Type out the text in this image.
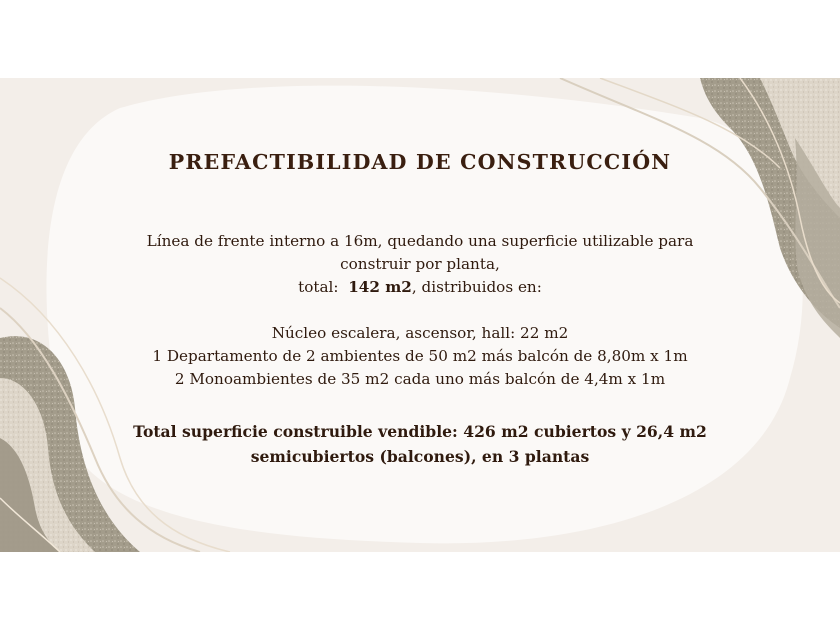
PREFACTIBILIDAD DE CONSTRUCCIÓN
Línea de frente interno a 16m, quedando una superficie utilizable para
construir por planta,
total:  142 m2, distribuidos en:
Núcleo escalera, ascensor, hall: 22 m2
1 Departamento de 2 ambientes de 50 m2 más balcón de 8,80m x 1m
2 Monoambientes de 35 m2 cada uno más balcón de 4,4m x 1m
Total superficie construible vendible: 426 m2 cubiertos y 26,4 m2
semicubiertos (balcones), en 3 plantas
